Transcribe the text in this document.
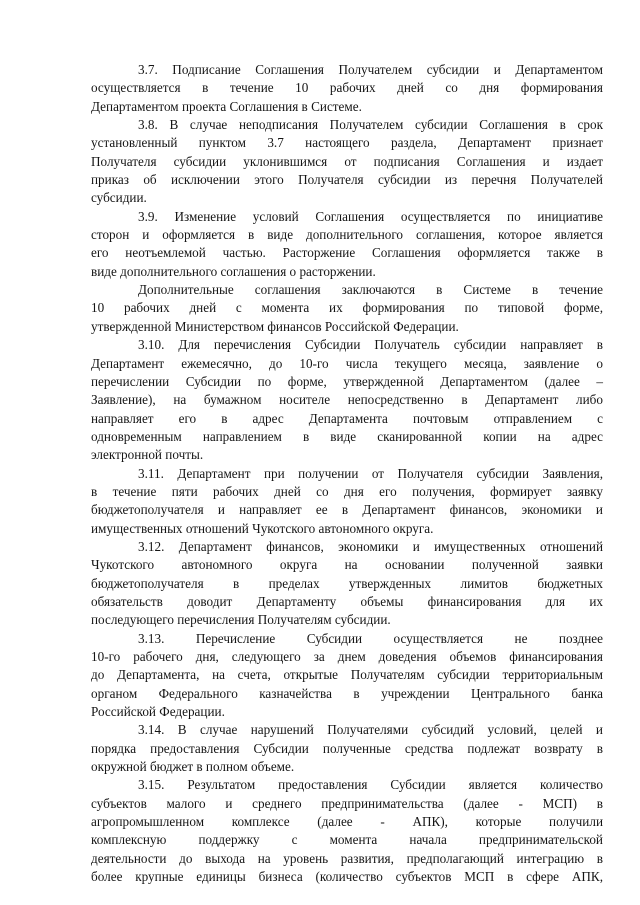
3.7. Подписание Соглашения Получателем субсидии и Департаментом
осуществляется в течение 10 рабочих дней со дня формирования
Департаментом проекта Соглашения в Системе.
3.8. В случае неподписания Получателем субсидии Соглашения в срок
установленный пунктом 3.7 настоящего раздела, Департамент признает
Получателя субсидии уклонившимся от подписания Соглашения и издает
приказ об исключении этого Получателя субсидии из перечня Получателей
субсидии.
3.9. Изменение условий Соглашения осуществляется по инициативе
сторон и оформляется в виде дополнительного соглашения, которое является
его неотъемлемой частью. Расторжение Соглашения оформляется также в
виде дополнительного соглашения о расторжении.
Дополнительные соглашения заключаются в Системе в течение
10 рабочих дней с момента их формирования по типовой форме,
утвержденной Министерством финансов Российской Федерации.
3.10. Для перечисления Субсидии Получатель субсидии направляет в
Департамент ежемесячно, до 10-го числа текущего месяца, заявление о
перечислении Субсидии по форме, утвержденной Департаментом (далее –
Заявление), на бумажном носителе непосредственно в Департамент либо
направляет его в адрес Департамента почтовым отправлением с
одновременным направлением в виде сканированной копии на адрес
электронной почты.
3.11. Департамент при получении от Получателя субсидии Заявления,
в течение пяти рабочих дней со дня его получения, формирует заявку
бюджетополучателя и направляет ее в Департамент финансов, экономики и
имущественных отношений Чукотского автономного округа.
3.12. Департамент финансов, экономики и имущественных отношений
Чукотского автономного округа на основании полученной заявки
бюджетополучателя в пределах утвержденных лимитов бюджетных
обязательств доводит Департаменту объемы финансирования для их
последующего перечисления Получателям субсидии.
3.13. Перечисление Субсидии осуществляется не позднее
10-го рабочего дня, следующего за днем доведения объемов финансирования
до Департамента, на счета, открытые Получателям субсидии территориальным
органом Федерального казначейства в учреждении Центрального банка
Российской Федерации.
3.14. В случае нарушений Получателями субсидий условий, целей и
порядка предоставления Субсидии полученные средства подлежат возврату в
окружной бюджет в полном объеме.
3.15. Результатом предоставления Субсидии является количество
субъектов малого и среднего предпринимательства (далее - МСП) в
агропромышленном комплексе (далее - АПК), которые получили
комплексную поддержку с момента начала предпринимательской
деятельности до выхода на уровень развития, предполагающий интеграцию в
более крупные единицы бизнеса (количество субъектов МСП в сфере АПК,
